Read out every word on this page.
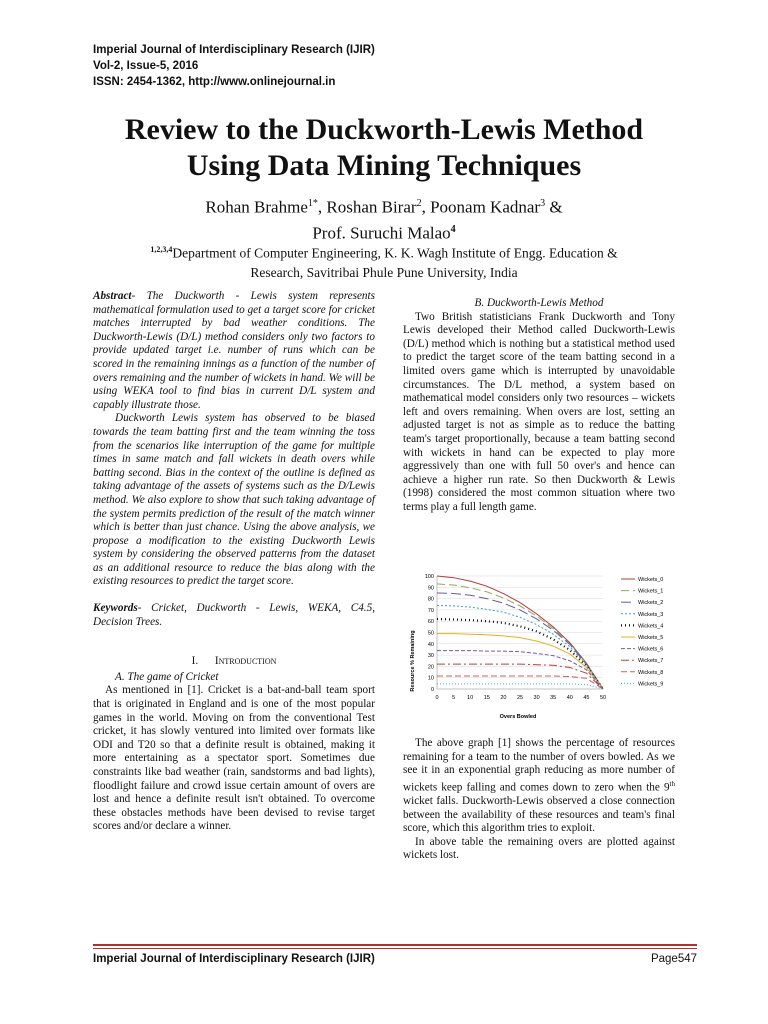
Imperial Journal of Interdisciplinary Research (IJIR)
Vol-2, Issue-5, 2016
ISSN: 2454-1362, http://www.onlinejournal.in
Review to the Duckworth-Lewis Method
Using Data Mining Techniques
Rohan Brahme$^{1*}$, Roshan Birar$^2$, Poonam Kadnar$^3$ &
Prof. Suruchi Malao$^4$
$^{1,2,3,4}$Department of Computer Engineering, K. K. Wagh Institute of Engg. Education &
Research, Savitribai Phule Pune University, India

Abstract- The Duckworth - Lewis system represents mathematical formulation used to get a target score for cricket matches interrupted by bad weather conditions. The Duckworth-Lewis (D/L) method considers only two factors to provide updated target i.e. number of runs which can be scored in the remaining innings as a function of the number of overs remaining and the number of wickets in hand. We will be using WEKA tool to find bias in current D/L system and capably illustrate those.

Duckworth Lewis system has observed to be biased towards the team batting first and the team winning the toss from the scenarios like interruption of the game for multiple times in same match and fall wickets in death overs while batting second. Bias in the context of the outline is defined as taking advantage of the assets of systems such as the D/Lewis method. We also explore to show that such taking advantage of the system permits prediction of the result of the match winner which is better than just chance. Using the above analysis, we propose a modification to the existing Duckworth Lewis system by considering the observed patterns from the dataset as an additional resource to reduce the bias along with the existing resources to predict the target score.

Keywords- Cricket, Duckworth - Lewis, WEKA, C4.5, Decision Trees.

I. Introduction

A. The game of Cricket

As mentioned in [1]. Cricket is a bat-and-ball team sport that is originated in England and is one of the most popular games in the world. Moving on from the conventional Test cricket, it has slowly ventured into limited over formats like ODI and T20 so that a definite result is obtained, making it more entertaining as a spectator sport. Sometimes due constraints like bad weather (rain, sandstorms and bad lights), floodlight failure and crowd issue certain amount of overs are lost and hence a definite result isn't obtained. To overcome these obstacles methods have been devised to revise target scores and/or declare a winner.

B. Duckworth-Lewis Method

Two British statisticians Frank Duckworth and Tony Lewis developed their Method called Duckworth-Lewis (D/L) method which is nothing but a statistical method used to predict the target score of the team batting second in a limited overs game which is interrupted by unavoidable circumstances. The D/L method, a system based on mathematical model considers only two resources – wickets left and overs remaining. When overs are lost, setting an adjusted target is not as simple as to reduce the batting team's target proportionally, because a team batting second with wickets in hand can be expected to play more aggressively than one with full 50 over's and hence can achieve a higher run rate. So then Duckworth & Lewis (1998) considered the most common situation where two terms play a full length game.

0
10
20
30
40
50
60
70
80
90
100
0 5 10 15 20 25 30 35 40 45 50
Wickets_0
Wickets_1
Wickets_2
Wickets_3
Wickets_4
Wickets_5
Wickets_6
Wickets_7
Wickets_8
Wickets_9
Resource % Remaining
Overs Bowled

The above graph [1] shows the percentage of resources remaining for a team to the number of overs bowled. As we see it in an exponential graph reducing as more number of wickets keep falling and comes down to zero when the 9th wicket falls. Duckworth-Lewis observed a close connection between the availability of these resources and team's final score, which this algorithm tries to exploit.

In above table the remaining overs are plotted against wickets lost.

Imperial Journal of Interdisciplinary Research (IJIR)	Page547
